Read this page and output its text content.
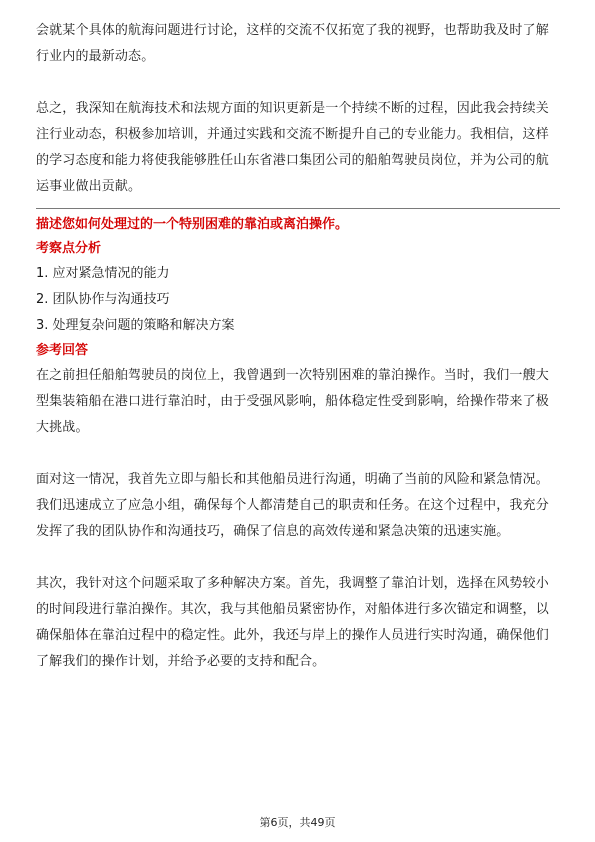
会就某个具体的航海问题进行讨论，这样的交流不仅拓宽了我的视野，也帮助我及时了解行业内的最新动态。

总之，我深知在航海技术和法规方面的知识更新是一个持续不断的过程，因此我会持续关注行业动态，积极参加培训，并通过实践和交流不断提升自己的专业能力。我相信，这样的学习态度和能力将使我能够胜任山东省港口集团公司的船舶驾驶员岗位，并为公司的航运事业做出贡献。

描述您如何处理过的一个特别困难的靠泊或离泊操作。

考察点分析

1. 应对紧急情况的能力

2. 团队协作与沟通技巧

3. 处理复杂问题的策略和解决方案

参考回答

在之前担任船舶驾驶员的岗位上，我曾遇到一次特别困难的靠泊操作。当时，我们一艘大型集装箱船在港口进行靠泊时，由于受强风影响，船体稳定性受到影响，给操作带来了极大挑战。

面对这一情况，我首先立即与船长和其他船员进行沟通，明确了当前的风险和紧急情况。我们迅速成立了应急小组，确保每个人都清楚自己的职责和任务。在这个过程中，我充分发挥了我的团队协作和沟通技巧，确保了信息的高效传递和紧急决策的迅速实施。

其次，我针对这个问题采取了多种解决方案。首先，我调整了靠泊计划，选择在风势较小的时间段进行靠泊操作。其次，我与其他船员紧密协作，对船体进行多次锚定和调整，以确保船体在靠泊过程中的稳定性。此外，我还与岸上的操作人员进行实时沟通，确保他们了解我们的操作计划，并给予必要的支持和配合。

第6页，共49页
